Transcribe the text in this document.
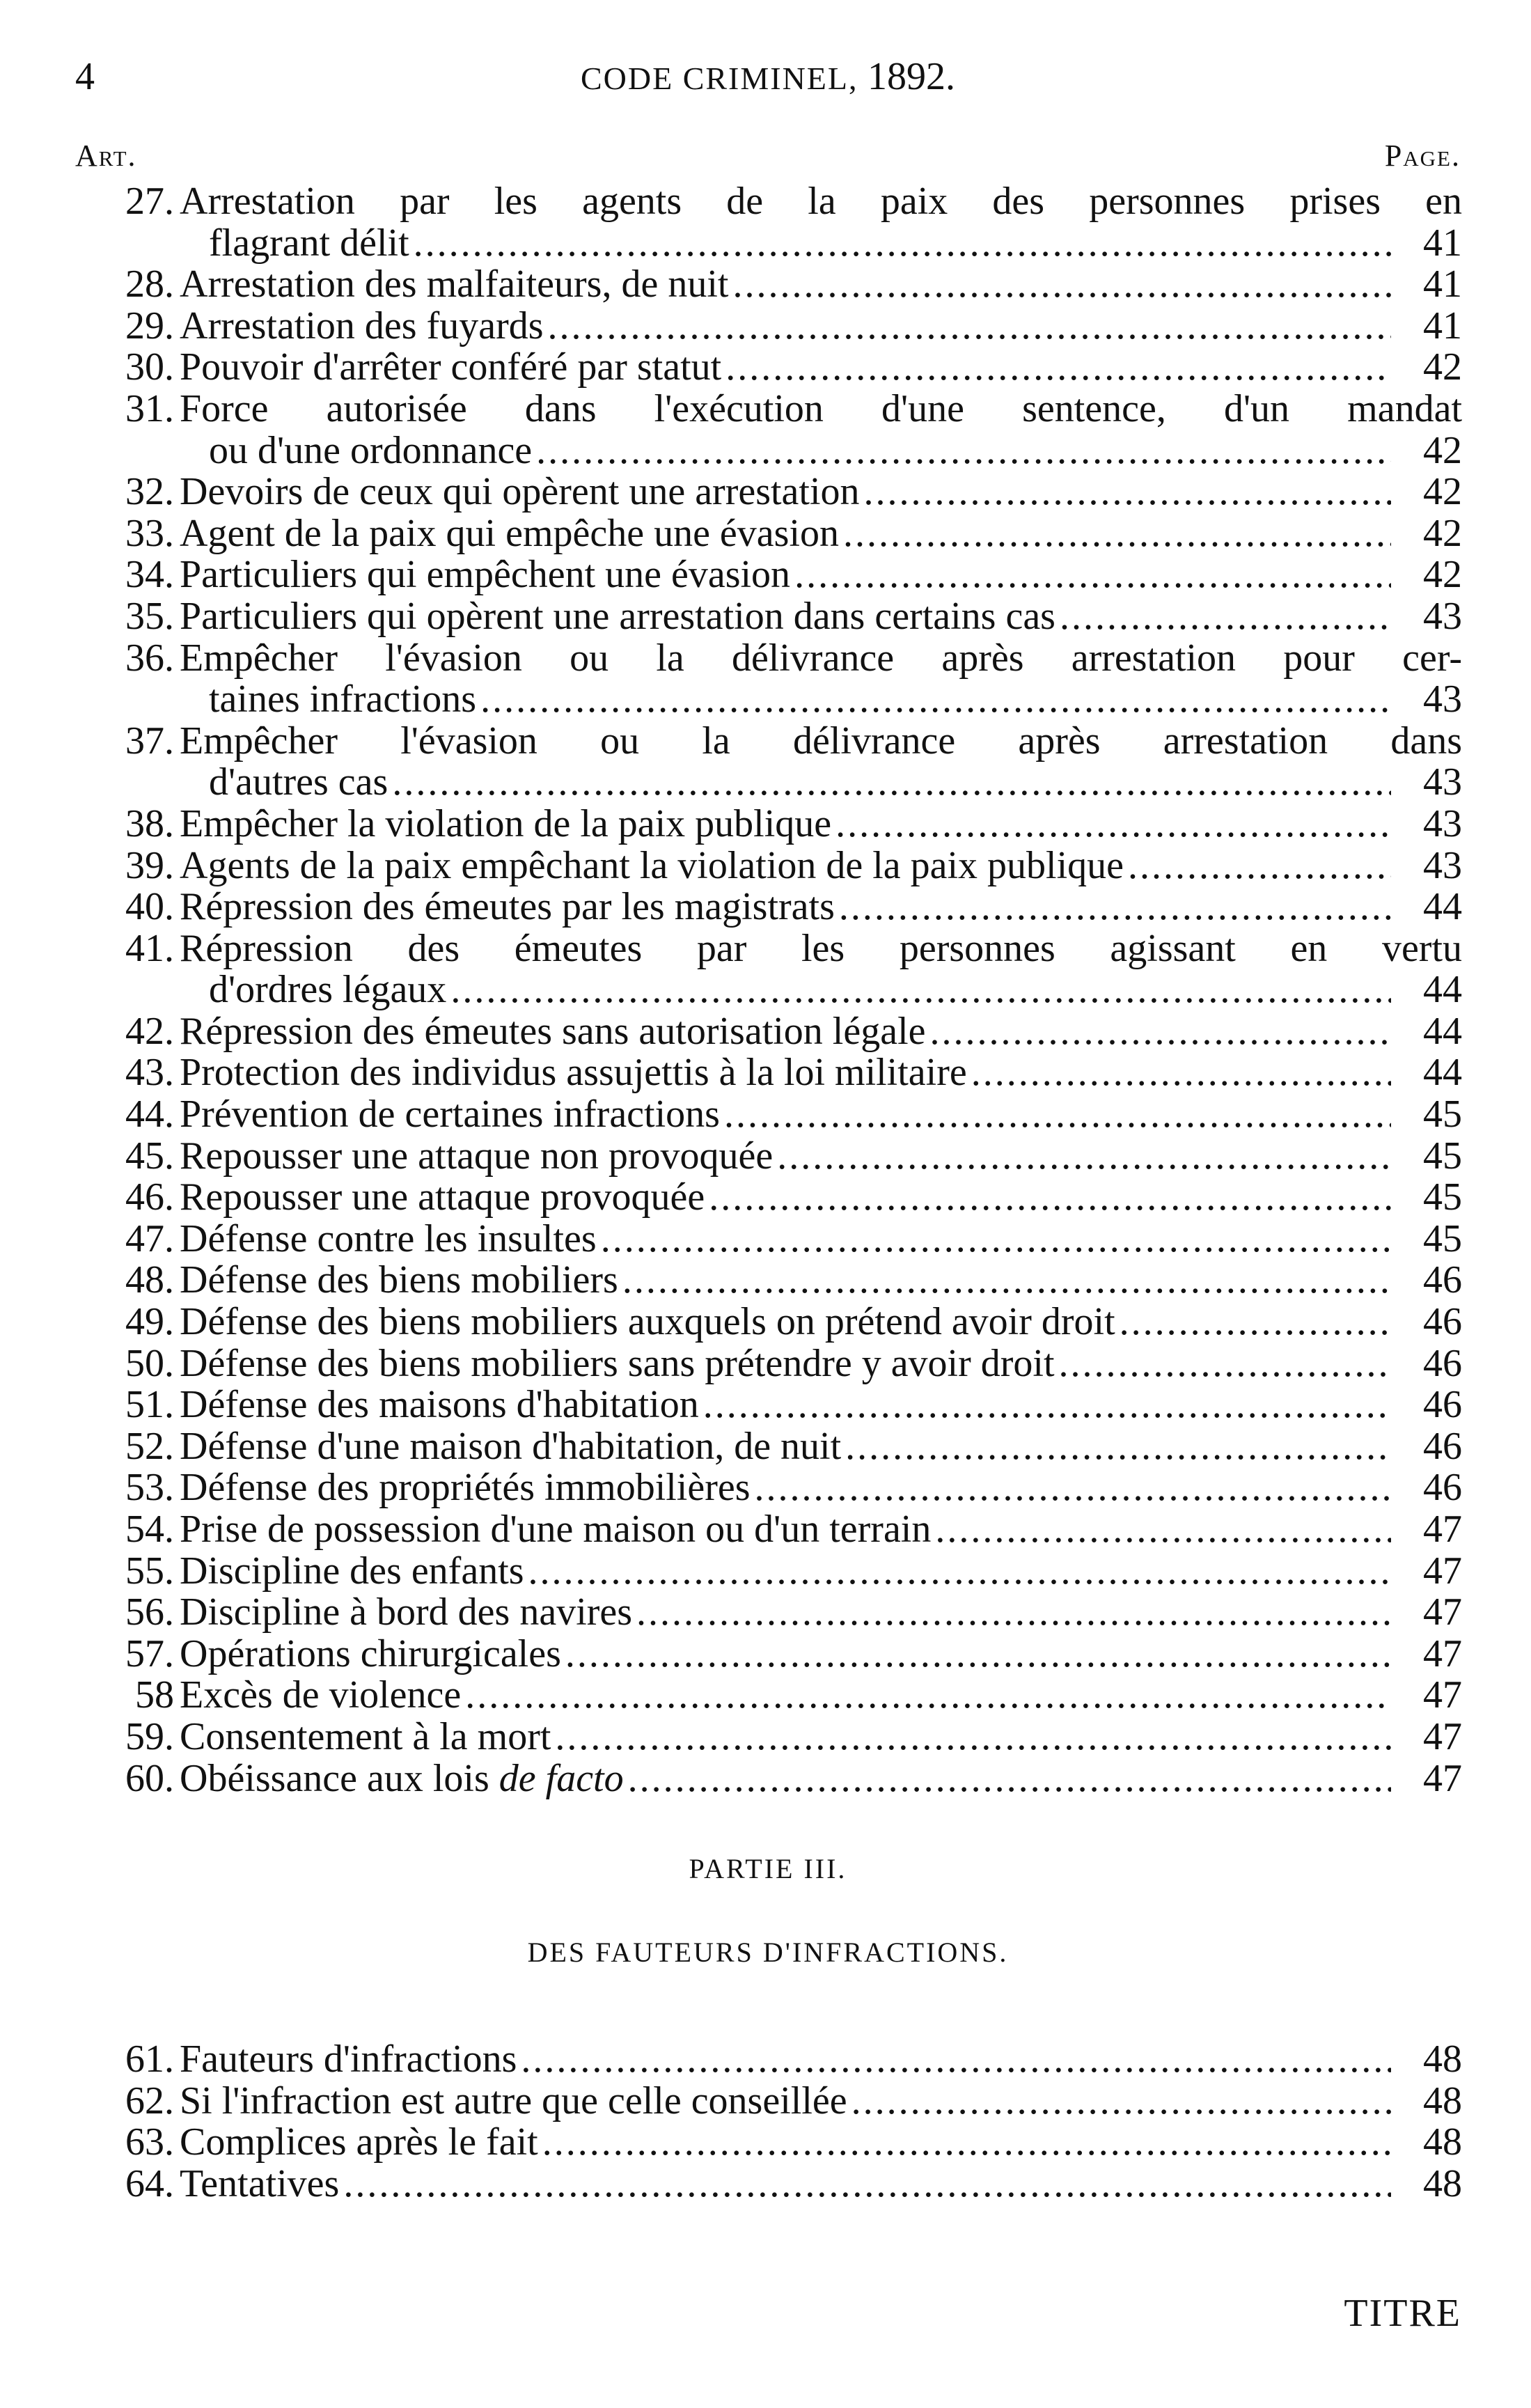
4	CODE CRIMINEL, 1892.
Art.	Page.
27. Arrestation par les agents de la paix des personnes prises en
flagrant délit .....	41
28. Arrestation des malfaiteurs, de nuit .....	41
29. Arrestation des fuyards .....	41
30. Pouvoir d'arrêter conféré par statut .....	42
31. Force autorisée dans l'exécution d'une sentence, d'un mandat
ou d'une ordonnance .....	42
32. Devoirs de ceux qui opèrent une arrestation .....	42
33. Agent de la paix qui empêche une évasion .....	42
34. Particuliers qui empêchent une évasion .....	42
35. Particuliers qui opèrent une arrestation dans certains cas .....	43
36. Empêcher l'évasion ou la délivrance après arrestation pour cer-
taines infractions .....	43
37. Empêcher l'évasion ou la délivrance après arrestation dans
d'autres cas .....	43
38. Empêcher la violation de la paix publique .....	43
39. Agents de la paix empêchant la violation de la paix publique .....	43
40. Répression des émeutes par les magistrats .....	44
41. Répression des émeutes par les personnes agissant en vertu
d'ordres légaux .....	44
42. Répression des émeutes sans autorisation légale .....	44
43. Protection des individus assujettis à la loi militaire .....	44
44. Prévention de certaines infractions .....	45
45. Repousser une attaque non provoquée .....	45
46. Repousser une attaque provoquée .....	45
47. Défense contre les insultes .....	45
48. Défense des biens mobiliers .....	46
49. Défense des biens mobiliers auxquels on prétend avoir droit .....	46
50. Défense des biens mobiliers sans prétendre y avoir droit .....	46
51. Défense des maisons d'habitation .....	46
52. Défense d'une maison d'habitation, de nuit .....	46
53. Défense des propriétés immobilières .....	46
54. Prise de possession d'une maison ou d'un terrain .....	47
55. Discipline des enfants .....	47
56. Discipline à bord des navires .....	47
57. Opérations chirurgicales .....	47
58 Excès de violence .....	47
59. Consentement à la mort .....	47
60. Obéissance aux lois de facto .....	47
PARTIE III.
DES FAUTEURS D'INFRACTIONS.
61. Fauteurs d'infractions .....	48
62. Si l'infraction est autre que celle conseillée .....	48
63. Complices après le fait .....	48
64. Tentatives .....	48
TITRE
